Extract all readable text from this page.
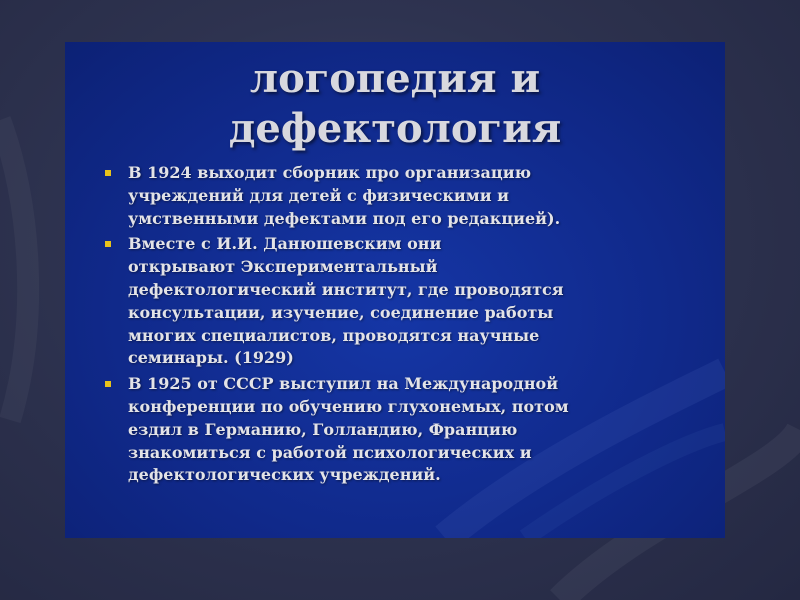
логопедия и
дефектология
В 1924 выходит сборник про организацию
учреждений для детей с физическими и
умственными дефектами под его редакцией).
Вместе с И.И. Данюшевским они
открывают Экспериментальный
дефектологический институт, где проводятся
консультации, изучение, соединение работы
многих специалистов, проводятся научные
семинары. (1929)
В 1925 от СССР выступил на Международной
конференции по обучению глухонемых, потом
ездил в Германию, Голландию, Францию
знакомиться с работой психологических и
дефектологических учреждений.
